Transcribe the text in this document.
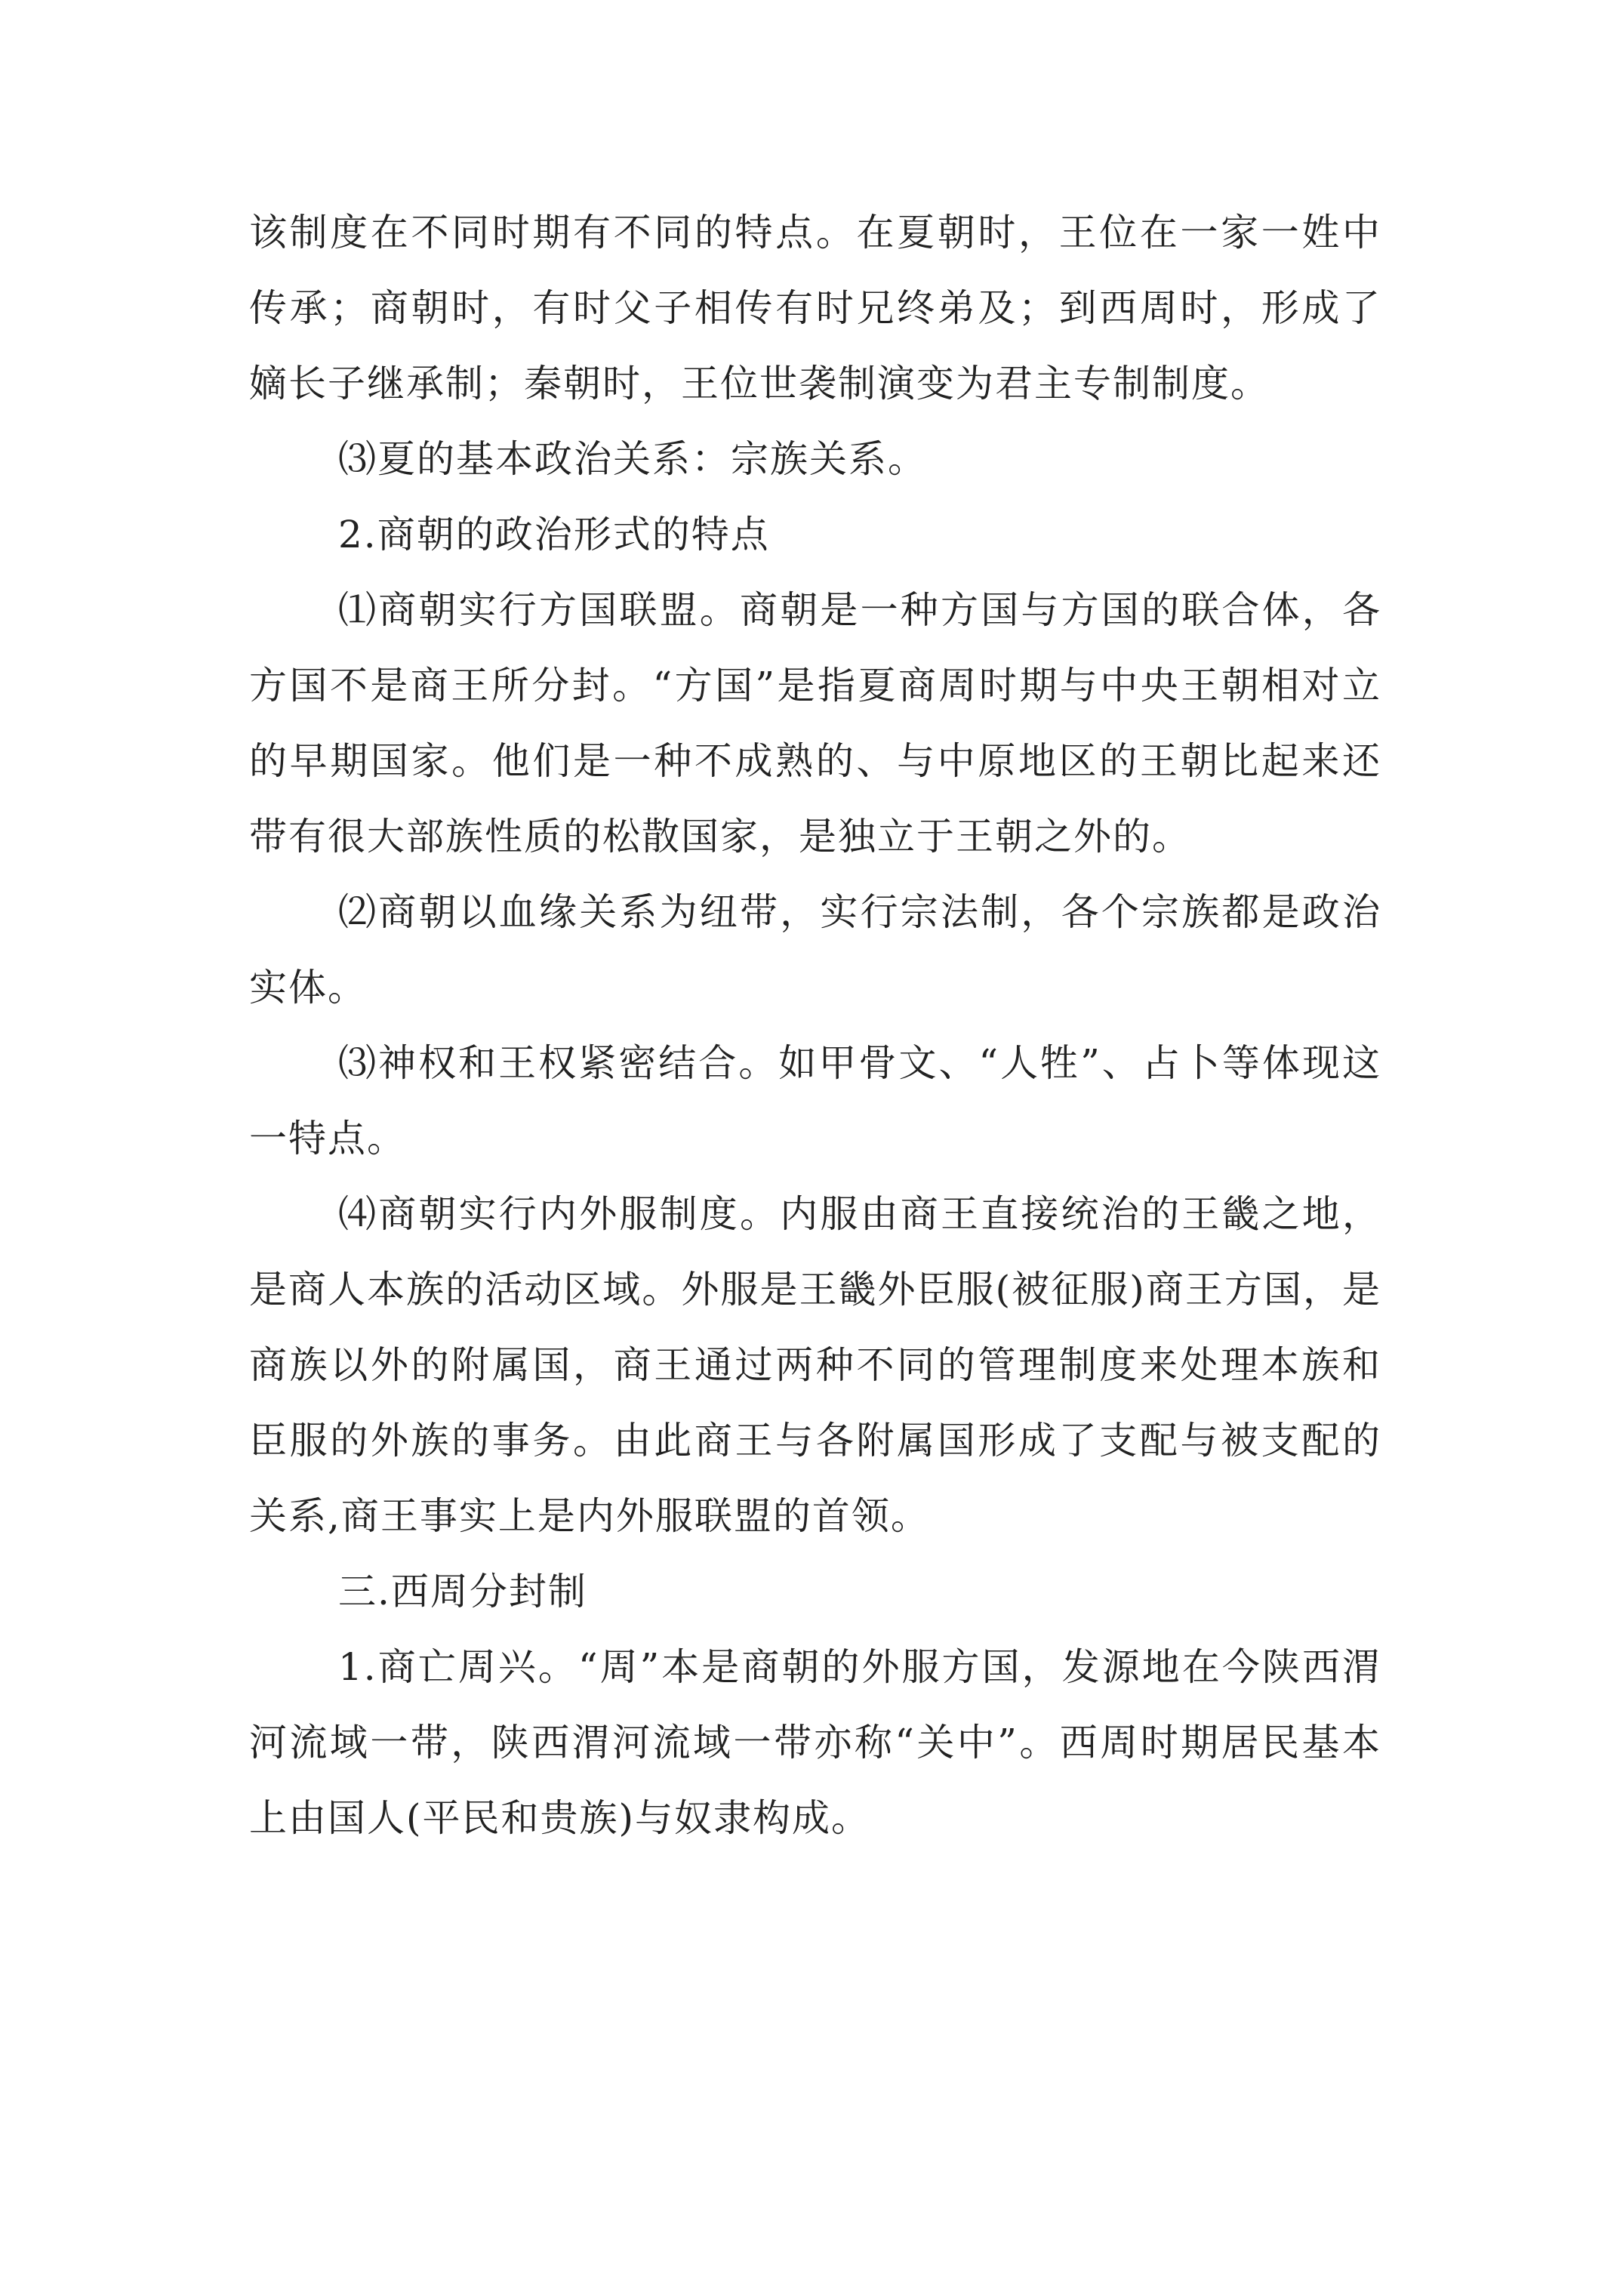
该制度在不同时期有不同的特点。在夏朝时，王位在一家一姓中传承；商朝时，有时父子相传有时兄终弟及；到西周时，形成了嫡长子继承制；秦朝时，王位世袭制演变为君主专制制度。

⑶夏的基本政治关系：宗族关系。

2.商朝的政治形式的特点

⑴商朝实行方国联盟。商朝是一种方国与方国的联合体，各方国不是商王所分封。“方国”是指夏商周时期与中央王朝相对立的早期国家。他们是一种不成熟的、与中原地区的王朝比起来还带有很大部族性质的松散国家，是独立于王朝之外的。

⑵商朝以血缘关系为纽带，实行宗法制，各个宗族都是政治实体。

⑶神权和王权紧密结合。如甲骨文、“人牲”、占卜等体现这一特点。

⑷商朝实行内外服制度。内服由商王直接统治的王畿之地，是商人本族的活动区域。外服是王畿外臣服(被征服)商王方国，是商族以外的附属国，商王通过两种不同的管理制度来处理本族和臣服的外族的事务。由此商王与各附属国形成了支配与被支配的关系,商王事实上是内外服联盟的首领。

三.西周分封制

1.商亡周兴。“周”本是商朝的外服方国，发源地在今陕西渭河流域一带，陕西渭河流域一带亦称“关中”。西周时期居民基本上由国人(平民和贵族)与奴隶构成。
